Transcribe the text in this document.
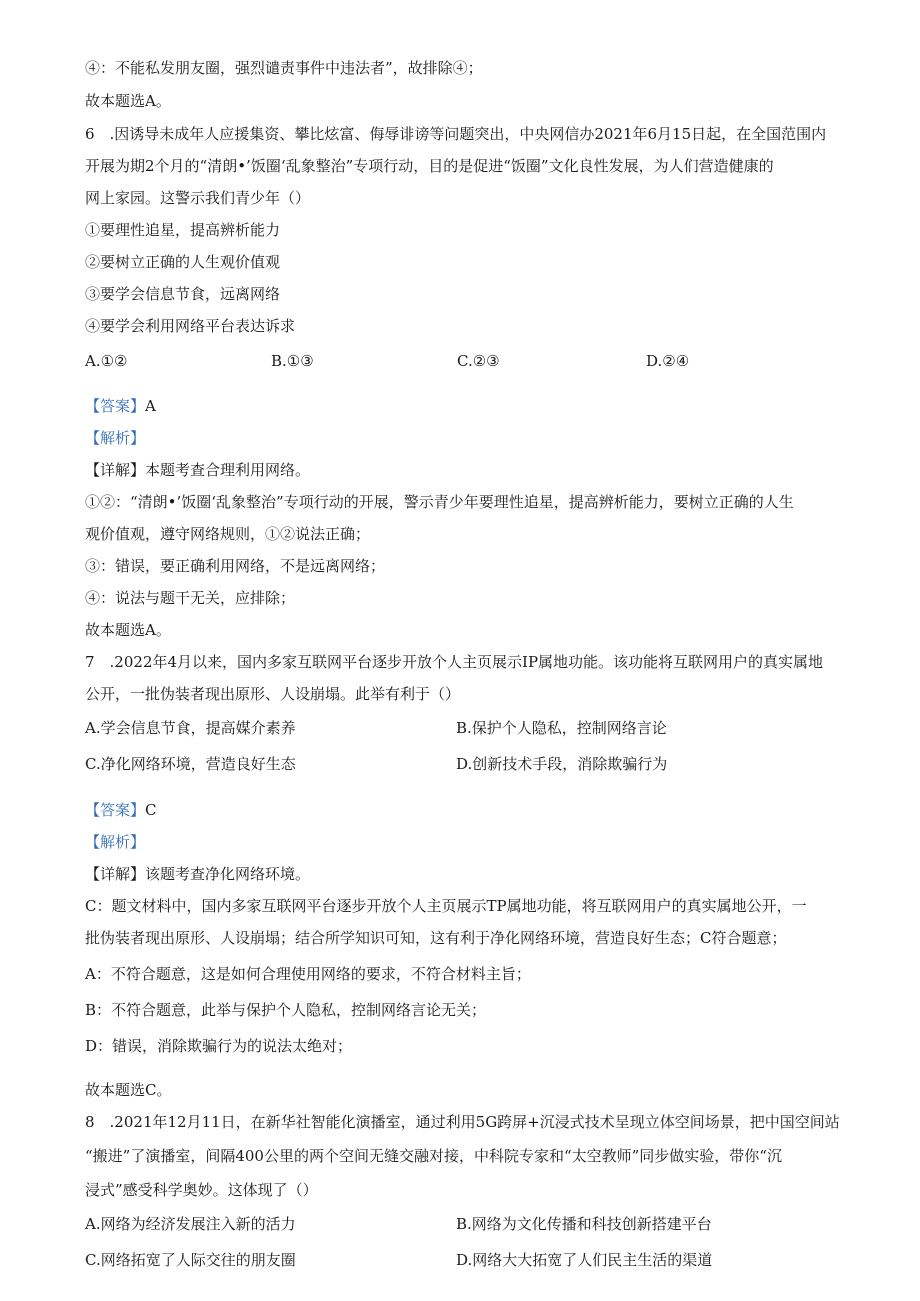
④：不能私发朋友圈，强烈谴责事件中违法者”，故排除④；
故本题选A。
6　.因诱导未成年人应援集资、攀比炫富、侮辱诽谤等问题突出，中央网信办2021年6月15日起，在全国范围内
开展为期2个月的“清朗•’饭圈‘乱象整治”专项行动，目的是促进“饭圈”文化良性发展，为人们营造健康的
网上家园。这警示我们青少年（）
①要理性追星，提高辨析能力
②要树立正确的人生观价值观
③要学会信息节食，远离网络
④要学会利用网络平台表达诉求
A.①②	B.①③	C.②③	D.②④
【答案】A
【解析】
【详解】本题考查合理利用网络。
①②：“清朗•’饭圈‘乱象整治”专项行动的开展，警示青少年要理性追星，提高辨析能力，要树立正确的人生
观价值观，遵守网络规则，①②说法正确；
③：错误，要正确利用网络，不是远离网络；
④：说法与题干无关，应排除；
故本题选A。
7　.2022年4月以来，国内多家互联网平台逐步开放个人主页展示IP属地功能。该功能将互联网用户的真实属地
公开，一批伪装者现出原形、人设崩塌。此举有利于（）
A.学会信息节食，提高媒介素养	B.保护个人隐私，控制网络言论
C.净化网络环境，营造良好生态	D.创新技术手段，消除欺骗行为
【答案】C
【解析】
【详解】该题考查净化网络环境。
C：题文材料中，国内多家互联网平台逐步开放个人主页展示TP属地功能，将互联网用户的真实属地公开，一
批伪装者现出原形、人设崩塌；结合所学知识可知，这有利于净化网络环境，营造良好生态；C符合题意；
A：不符合题意，这是如何合理使用网络的要求，不符合材料主旨；
B：不符合题意，此举与保护个人隐私，控制网络言论无关；
D：错误，消除欺骗行为的说法太绝对；
故本题选C。
8　.2021年12月11日，在新华社智能化演播室，通过利用5G跨屏+沉浸式技术呈现立体空间场景，把中国空间站
“搬进”了演播室，间隔400公里的两个空间无缝交融对接，中科院专家和“太空教师”同步做实验，带你“沉
浸式”感受科学奥妙。这体现了（）
A.网络为经济发展注入新的活力	B.网络为文化传播和科技创新搭建平台
C.网络拓宽了人际交往的朋友圈	D.网络大大拓宽了人们民主生活的渠道
